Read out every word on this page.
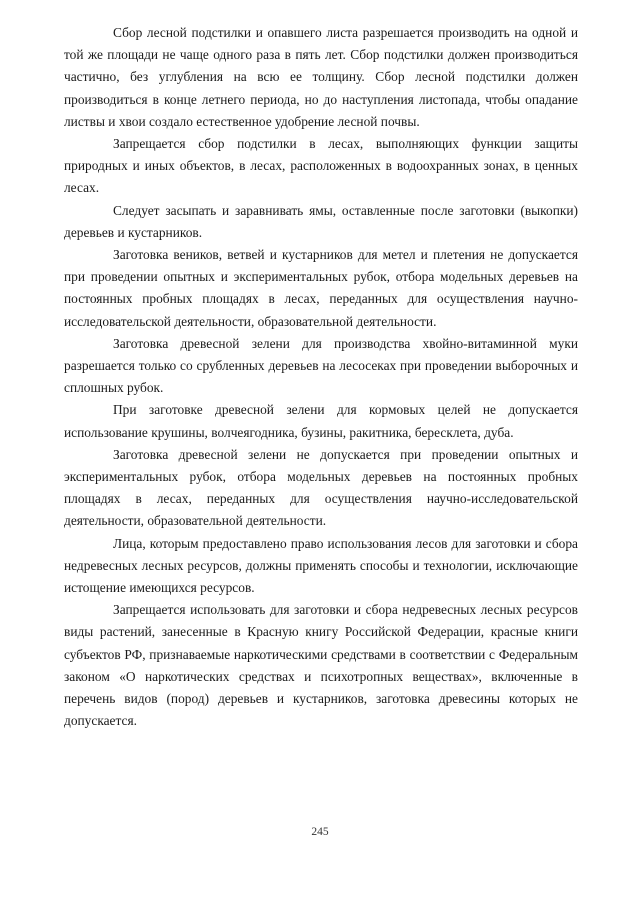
Сбор лесной подстилки и опавшего листа разрешается производить на одной и той же площади не чаще одного раза в пять лет. Сбор подстилки должен производиться частично, без углубления на всю ее толщину. Сбор лесной подстилки должен производиться в конце летнего периода, но до наступления листопада, чтобы опадание листвы и хвои создало естественное удобрение лесной почвы.

Запрещается сбор подстилки в лесах, выполняющих функции защиты природных и иных объектов, в лесах, расположенных в водоохранных зонах, в ценных лесах.

Следует засыпать и заравнивать ямы, оставленные после заготовки (выкопки) деревьев и кустарников.

Заготовка веников, ветвей и кустарников для метел и плетения не допускается при проведении опытных и экспериментальных рубок, отбора модельных деревьев на постоянных пробных площадях в лесах, переданных для осуществления научно-исследовательской деятельности, образовательной деятельности.

Заготовка древесной зелени для производства хвойно-витаминной муки разрешается только со срубленных деревьев на лесосеках при проведении выборочных и сплошных рубок.

При заготовке древесной зелени для кормовых целей не допускается использование крушины, волчеягодника, бузины, ракитника, бересклета, дуба.

Заготовка древесной зелени не допускается при проведении опытных и экспериментальных рубок, отбора модельных деревьев на постоянных пробных площадях в лесах, переданных для осуществления научно-исследовательской деятельности, образовательной деятельности.

Лица, которым предоставлено право использования лесов для заготовки и сбора недревесных лесных ресурсов, должны применять способы и технологии, исключающие истощение имеющихся ресурсов.

Запрещается использовать для заготовки и сбора недревесных лесных ресурсов виды растений, занесенные в Красную книгу Российской Федерации, красные книги субъектов РФ, признаваемые наркотическими средствами в соответствии с Федеральным законом «О наркотических средствах и психотропных веществах», включенные в перечень видов (пород) деревьев и кустарников, заготовка древесины которых не допускается.

245
